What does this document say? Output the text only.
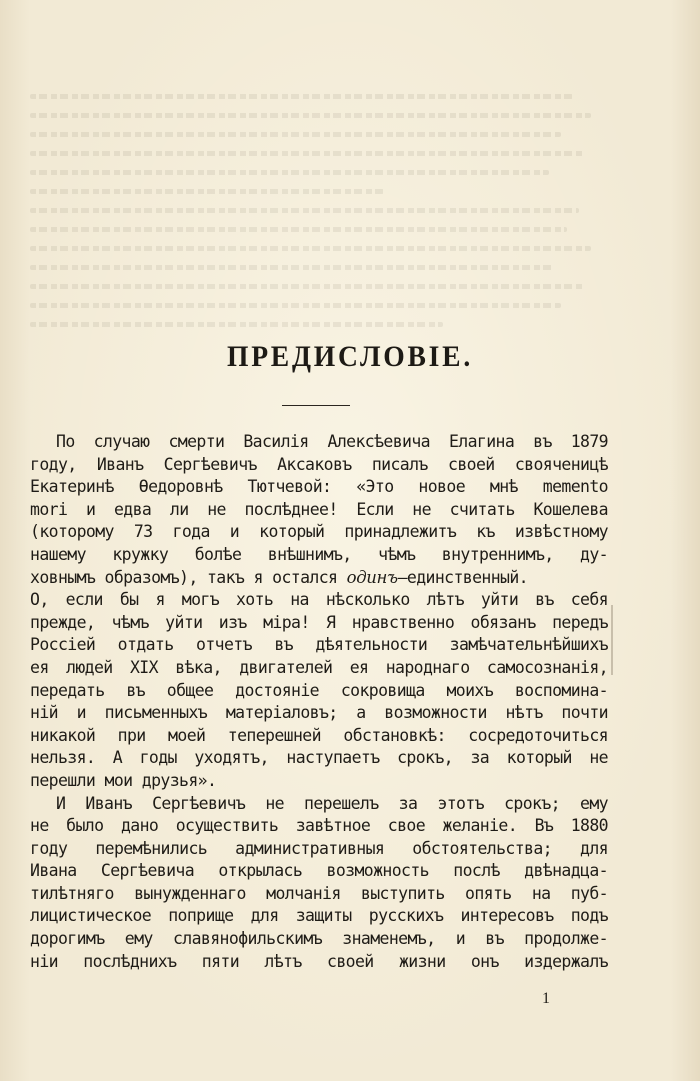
ПРЕДИСЛОВІЕ.
По случаю смерти Василія Алексѣевича Елагина въ 1879
году, Иванъ Сергѣевичъ Аксаковъ писалъ своей свояченицѣ
Екатеринѣ Ѳедоровнѣ Тютчевой: «Это новое мнѣ memento
mori и едва ли не послѣднее! Если не считать Кошелева
(которому 73 года и который принадлежитъ къ извѣстному
нашему кружку болѣе внѣшнимъ, чѣмъ внутреннимъ, ду-
ховнымъ образомъ), такъ я остался одинъ—единственный.
О, если бы я могъ хоть на нѣсколько лѣтъ уйти въ себя
прежде, чѣмъ уйти изъ міра! Я нравственно обязанъ передъ
Россіей отдать отчетъ въ дѣятельности замѣчательнѣйшихъ
ея людей XIX вѣка, двигателей ея народнаго самосознанія,
передать въ общее достояніе сокровища моихъ воспомина-
ній и письменныхъ матеріаловъ; а возможности нѣтъ почти
никакой при моей теперешней обстановкѣ: сосредоточиться
нельзя. А годы уходятъ, наступаетъ срокъ, за который не
перешли мои друзья».
И Иванъ Сергѣевичъ не перешелъ за этотъ срокъ; ему
не было дано осуществить завѣтное свое желаніе. Въ 1880
году перемѣнились административныя обстоятельства; для
Ивана Сергѣевича открылась возможность послѣ двѣнадца-
тилѣтняго вынужденнаго молчанія выступить опять на пуб-
лицистическое поприще для защиты русскихъ интересовъ подъ
дорогимъ ему славянофильскимъ знаменемъ, и въ продолже-
ніи послѣднихъ пяти лѣтъ своей жизни онъ издержалъ
1
